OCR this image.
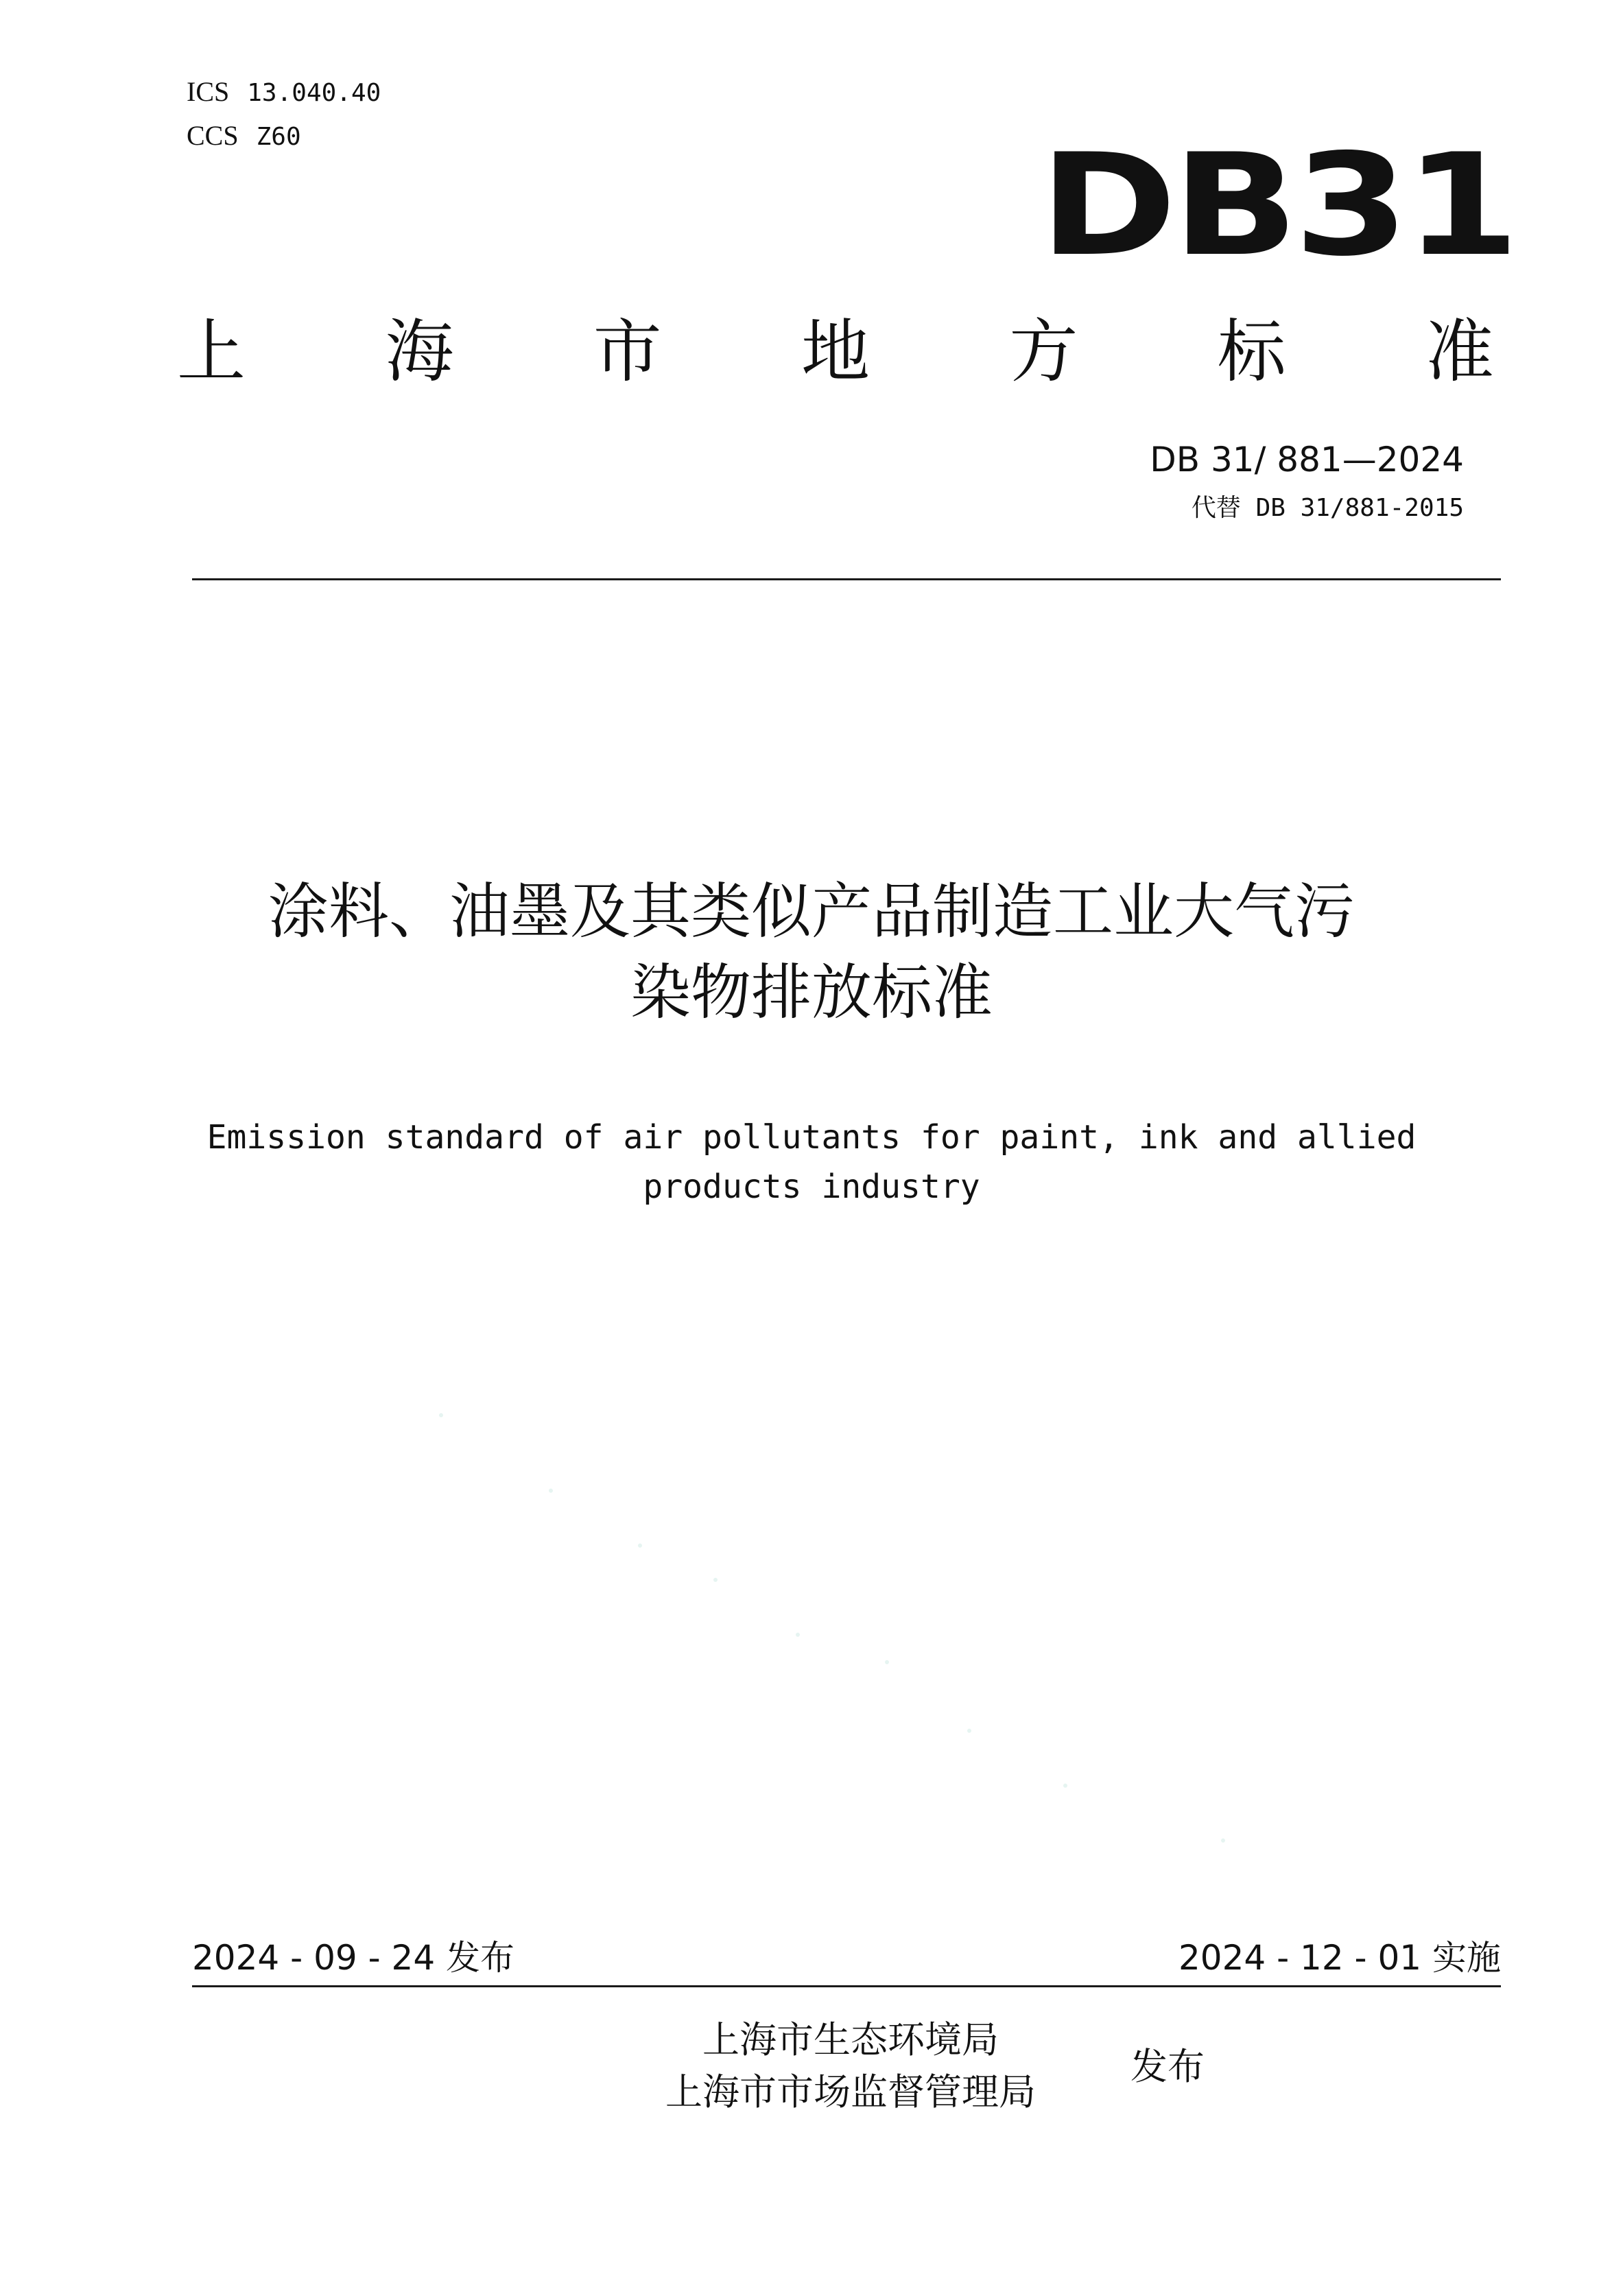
ICS 13.040.40
CCS Z60	DB31
上 海 市 地 方 标 准
DB 31/ 881—2024
代替 DB 31/881-2015
涂料、油墨及其类似产品制造工业大气污
染物排放标准
Emission standard of air pollutants for paint, ink and allied
products industry
2024 - 09 - 24 发布	2024 - 12 - 01 实施
上海市生态环境局
上海市市场监督管理局
发布
